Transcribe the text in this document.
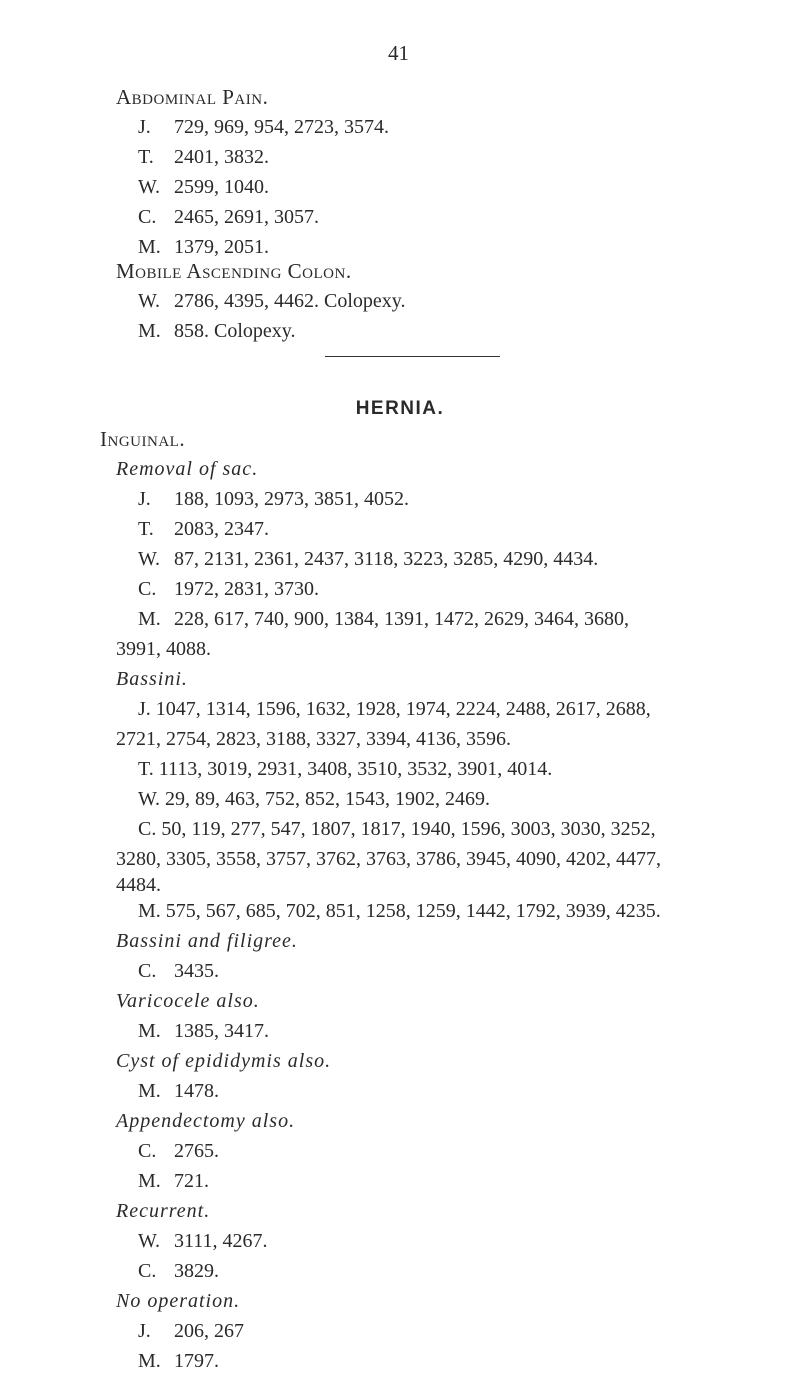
41
Abdominal Pain.
J. 729, 969, 954, 2723, 3574.
T. 2401, 3832.
W. 2599, 1040.
C. 2465, 2691, 3057.
M. 1379, 2051.
Mobile Ascending Colon.
W. 2786, 4395, 4462. Colopexy.
M. 858. Colopexy.
HERNIA.
Inguinal.
Removal of sac.
J. 188, 1093, 2973, 3851, 4052.
T. 2083, 2347.
W. 87, 2131, 2361, 2437, 3118, 3223, 3285, 4290, 4434.
C. 1972, 2831, 3730.
M. 228, 617, 740, 900, 1384, 1391, 1472, 2629, 3464, 3680,
3991, 4088.
Bassini.
J. 1047, 1314, 1596, 1632, 1928, 1974, 2224, 2488, 2617, 2688,
2721, 2754, 2823, 3188, 3327, 3394, 4136, 3596.
T. 1113, 3019, 2931, 3408, 3510, 3532, 3901, 4014.
W. 29, 89, 463, 752, 852, 1543, 1902, 2469.
C. 50, 119, 277, 547, 1807, 1817, 1940, 1596, 3003, 3030, 3252,
3280, 3305, 3558, 3757, 3762, 3763, 3786, 3945, 4090, 4202, 4477,
4484.
M. 575, 567, 685, 702, 851, 1258, 1259, 1442, 1792, 3939, 4235.
Bassini and filigree.
C. 3435.
Varicocele also.
M. 1385, 3417.
Cyst of epididymis also.
M. 1478.
Appendectomy also.
C. 2765.
M. 721.
Recurrent.
W. 3111, 4267.
C. 3829.
No operation.
J. 206, 267
M. 1797.
